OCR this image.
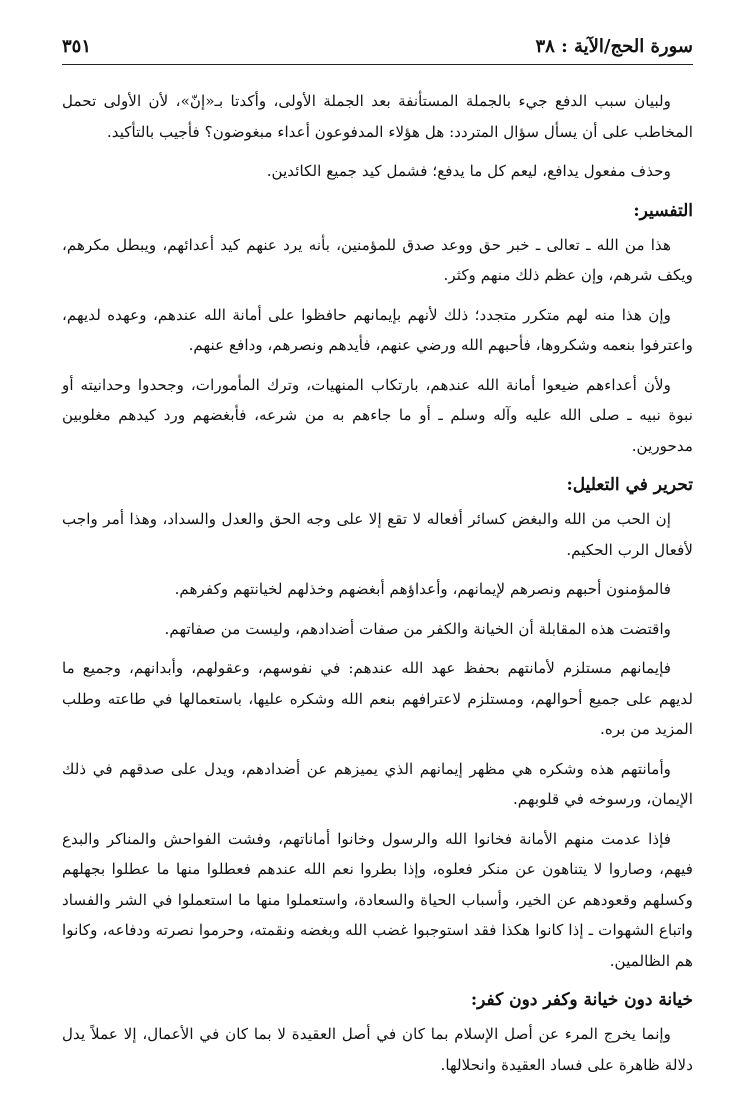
سورة الحج/الآية : ٣٨
٣٥١

ولبيان سبب الدفع جيء بالجملة المستأنفة بعد الجملة الأولى، وأكدتا بـ«إنّ»، لأن الأولى تحمل المخاطب على أن يسأل سؤال المتردد: هل هؤلاء المدفوعون أعداء مبغوضون؟ فأجيب بالتأكيد.

وحذف مفعول يدافع، ليعم كل ما يدفع؛ فشمل كيد جميع الكائدين.

التفسير:

هذا من الله ـ تعالى ـ خبر حق ووعد صدق للمؤمنين، بأنه يرد عنهم كيد أعدائهم، ويبطل مكرهم، ويكف شرهم، وإن عظم ذلك منهم وكثر.

وإن هذا منه لهم متكرر متجدد؛ ذلك لأنهم بإيمانهم حافظوا على أمانة الله عندهم، وعهده لديهم، واعترفوا بنعمه وشكروها، فأحبهم الله ورضي عنهم، فأيدهم ونصرهم، ودافع عنهم.

ولأن أعداءهم ضيعوا أمانة الله عندهم، بارتكاب المنهيات، وترك المأمورات، وجحدوا وحدانيته أو نبوة نبيه ـ صلى الله عليه وآله وسلم ـ أو ما جاءهم به من شرعه، فأبغضهم ورد كيدهم مغلوبين مدحورين.

تحرير في التعليل:

إن الحب من الله والبغض كسائر أفعاله لا تقع إلا على وجه الحق والعدل والسداد، وهذا أمر واجب لأفعال الرب الحكيم.

فالمؤمنون أحبهم ونصرهم لإيمانهم، وأعداؤهم أبغضهم وخذلهم لخيانتهم وكفرهم.

واقتضت هذه المقابلة أن الخيانة والكفر من صفات أضدادهم، وليست من صفاتهم.

فإيمانهم مستلزم لأمانتهم بحفظ عهد الله عندهم: في نفوسهم، وعقولهم، وأبدانهم، وجميع ما لديهم على جميع أحوالهم، ومستلزم لاعترافهم بنعم الله وشكره عليها، باستعمالها في طاعته وطلب المزيد من بره.

وأمانتهم هذه وشكره هي مظهر إيمانهم الذي يميزهم عن أضدادهم، ويدل على صدقهم في ذلك الإيمان، ورسوخه في قلوبهم.

فإذا عدمت منهم الأمانة فخانوا الله والرسول وخانوا أماناتهم، وفشت الفواحش والمناكر والبدع فيهم، وصاروا لا يتناهون عن منكر فعلوه، وإذا بطروا نعم الله عندهم فعطلوا منها ما عطلوا بجهلهم وكسلهم وقعودهم عن الخير، وأسباب الحياة والسعادة، واستعملوا منها ما استعملوا في الشر والفساد واتباع الشهوات ـ إذا كانوا هكذا فقد استوجبوا غضب الله وبغضه ونقمته، وحرموا نصرته ودفاعه، وكانوا هم الظالمين.

خيانة دون خيانة وكفر دون كفر:

وإنما يخرج المرء عن أصل الإسلام بما كان في أصل العقيدة لا بما كان في الأعمال، إلا عملاً يدل دلالة ظاهرة على فساد العقيدة وانحلالها.
